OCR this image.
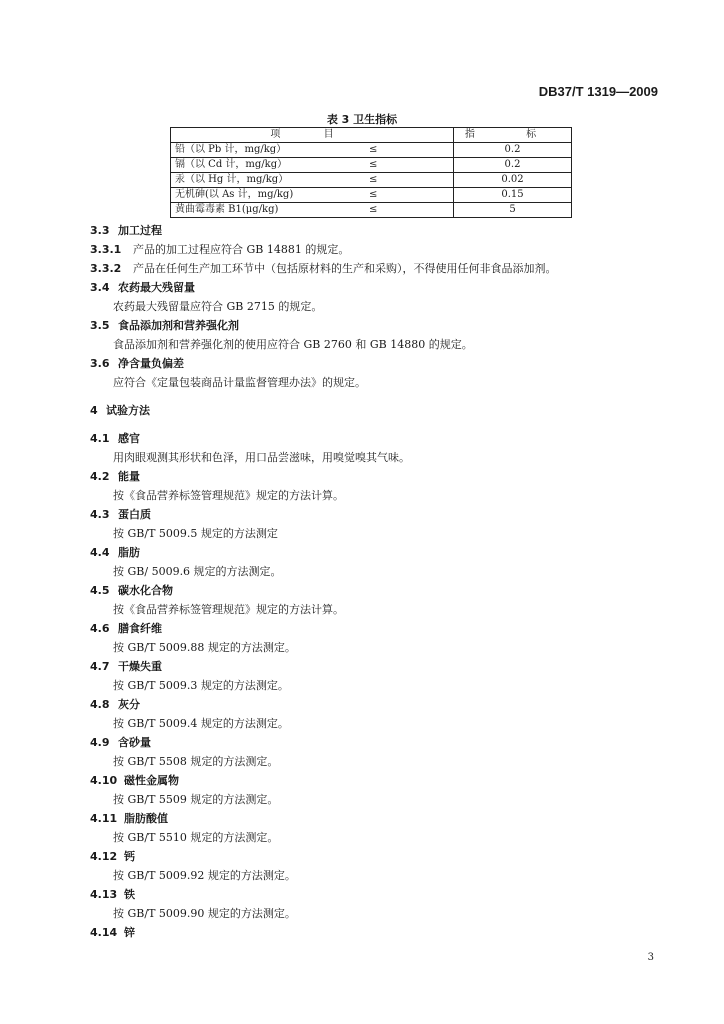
DB37/T 1319—2009
表 3 卫生指标
项 目		指 标
铅（以 Pb 计，mg/kg）	≤	0.2
镉（以 Cd 计，mg/kg）	≤	0.2
汞（以 Hg 计，mg/kg）	≤	0.02
无机砷(以 As 计，mg/kg)	≤	0.15
黄曲霉毒素 B1(μg/kg)	≤	5
3.3 加工过程
3.3.1 产品的加工过程应符合 GB 14881 的规定。
3.3.2 产品在任何生产加工环节中（包括原材料的生产和采购），不得使用任何非食品添加剂。
3.4 农药最大残留量
农药最大残留量应符合 GB 2715 的规定。
3.5 食品添加剂和营养强化剂
食品添加剂和营养强化剂的使用应符合 GB 2760 和 GB 14880 的规定。
3.6 净含量负偏差
应符合《定量包装商品计量监督管理办法》的规定。
4 试验方法
4.1 感官
用肉眼观测其形状和色泽，用口品尝滋味，用嗅觉嗅其气味。
4.2 能量
按《食品营养标签管理规范》规定的方法计算。
4.3 蛋白质
按 GB/T 5009.5 规定的方法测定
4.4 脂肪
按 GB/ 5009.6 规定的方法测定。
4.5 碳水化合物
按《食品营养标签管理规范》规定的方法计算。
4.6 膳食纤维
按 GB/T 5009.88 规定的方法测定。
4.7 干燥失重
按 GB/T 5009.3 规定的方法测定。
4.8 灰分
按 GB/T 5009.4 规定的方法测定。
4.9 含砂量
按 GB/T 5508 规定的方法测定。
4.10 磁性金属物
按 GB/T 5509 规定的方法测定。
4.11 脂肪酸值
按 GB/T 5510 规定的方法测定。
4.12 钙
按 GB/T 5009.92 规定的方法测定。
4.13 铁
按 GB/T 5009.90 规定的方法测定。
4.14 锌
3
